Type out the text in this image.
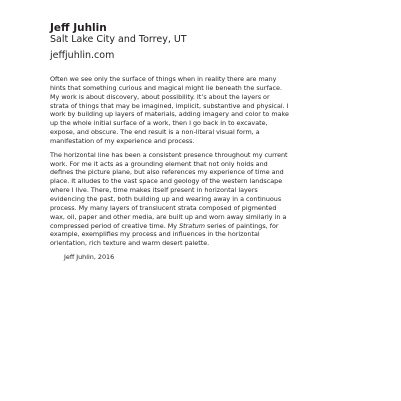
Jeff Juhlin
Salt Lake City and Torrey, UT
jeffjuhlin.com

Often we see only the surface of things when in reality there are many hints that something curious and magical might lie beneath the surface. My work is about discovery, about possibility. It’s about the layers or strata of things that may be imagined, implicit, substantive and physical. I work by building up layers of materials, adding imagery and color to make up the whole initial surface of a work, then I go back in to excavate, expose, and obscure. The end result is a non-literal visual form, a manifestation of my experience and process.

The horizontal line has been a consistent presence throughout my current work. For me it acts as a grounding element that not only holds and defines the picture plane, but also references my experience of time and place. It alludes to the vast space and geology of the western landscape where I live. There, time makes itself present in horizontal layers evidencing the past, both building up and wearing away in a continuous process. My many layers of translucent strata composed of pigmented wax, oil, paper and other media, are built up and worn away similarly in a compressed period of creative time. My Stratum series of paintings, for example, exemplifies my process and influences in the horizontal orientation, rich texture and warm desert palette.

Jeff Juhlin, 2016
